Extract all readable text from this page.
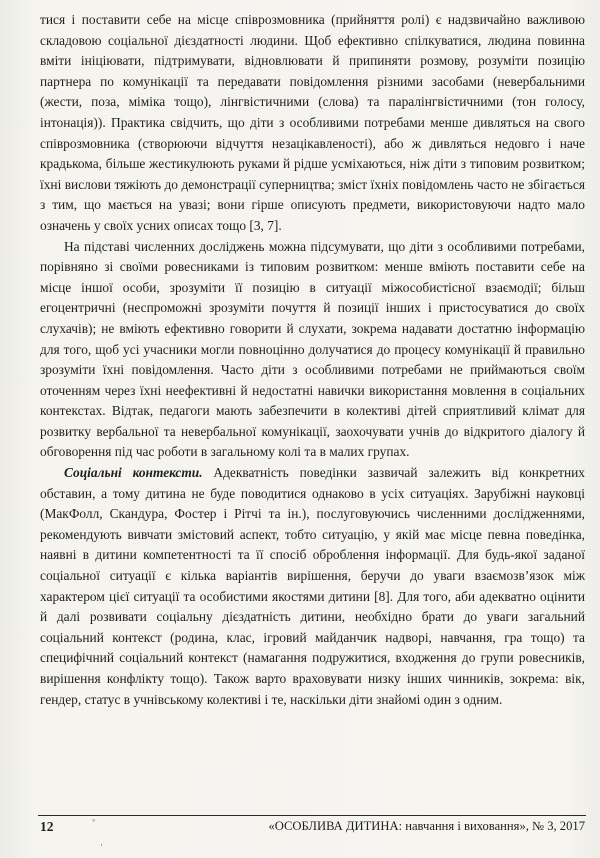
тися і поставити себе на місце співрозмовника (прийняття ролі) є надзвичайно важливою складовою соціальної дієздатності людини. Щоб ефективно спілкуватися, людина повинна вміти ініціювати, підтримувати, відновлювати й припиняти розмову, розуміти позицію партнера по комунікації та передавати повідомлення різними засобами (невербальними (жести, поза, міміка тощо), лінгвістичними (слова) та паралінгвістичними (тон голосу, інтонація)). Практика свідчить, що діти з особливими потребами менше дивляться на свого співрозмовника (створюючи відчуття незацікавленості), або ж дивляться недовго і наче крадькома, більше жестикулюють руками й рідше усміхаються, ніж діти з типовим розвитком; їхні вислови тяжіють до демонстрації суперництва; зміст їхніх повідомлень часто не збігається з тим, що мається на увазі; вони гірше описують предмети, використовуючи надто мало означень у своїх усних описах тощо [3, 7].

На підставі численних досліджень можна підсумувати, що діти з особливими потребами, порівняно зі своїми ровесниками із типовим розвитком: менше вміють поставити себе на місце іншої особи, зрозуміти її позицію в ситуації міжособистісної взаємодії; більш егоцентричні (неспроможні зрозуміти почуття й позиції інших і пристосуватися до своїх слухачів); не вміють ефективно говорити й слухати, зокрема надавати достатню інформацію для того, щоб усі учасники могли повноцінно долучатися до процесу комунікації й правильно зрозуміти їхні повідомлення. Часто діти з особливими потребами не приймаються своїм оточенням через їхні неефективні й недостатні навички використання мовлення в соціальних контекстах. Відтак, педагоги мають забезпечити в колективі дітей сприятливий клімат для розвитку вербальної та невербальної комунікації, заохочувати учнів до відкритого діалогу й обговорення під час роботи в загальному колі та в малих групах.

Соціальні контексти. Адекватність поведінки зазвичай залежить від конкретних обставин, а тому дитина не буде поводитися однаково в усіх ситуаціях. Зарубіжні науковці (МакФолл, Скандура, Фостер і Рітчі та ін.), послуговуючись численними дослідженнями, рекомендують вивчати змістовий аспект, тобто ситуацію, у якій має місце певна поведінка, наявні в дитини компетентності та її спосіб оброблення інформації. Для будь-якої заданої соціальної ситуації є кілька варіантів вирішення, беручи до уваги взаємозв’язок між характером цієї ситуації та особистими якостями дитини [8]. Для того, аби адекватно оцінити й далі розвивати соціальну дієздатність дитини, необхідно брати до уваги загальний соціальний контекст (родина, клас, ігровий майданчик надворі, навчання, гра тощо) та специфічний соціальний контекст (намагання подружитися, входження до групи ровесників, вирішення конфлікту тощо). Також варто враховувати низку інших чинників, зокрема: вік, гендер, статус в учнівському колективі і те, наскільки діти знайомі один з одним.

◦
·
12	«ОСОБЛИВА ДИТИНА: навчання і виховання», № 3, 2017
